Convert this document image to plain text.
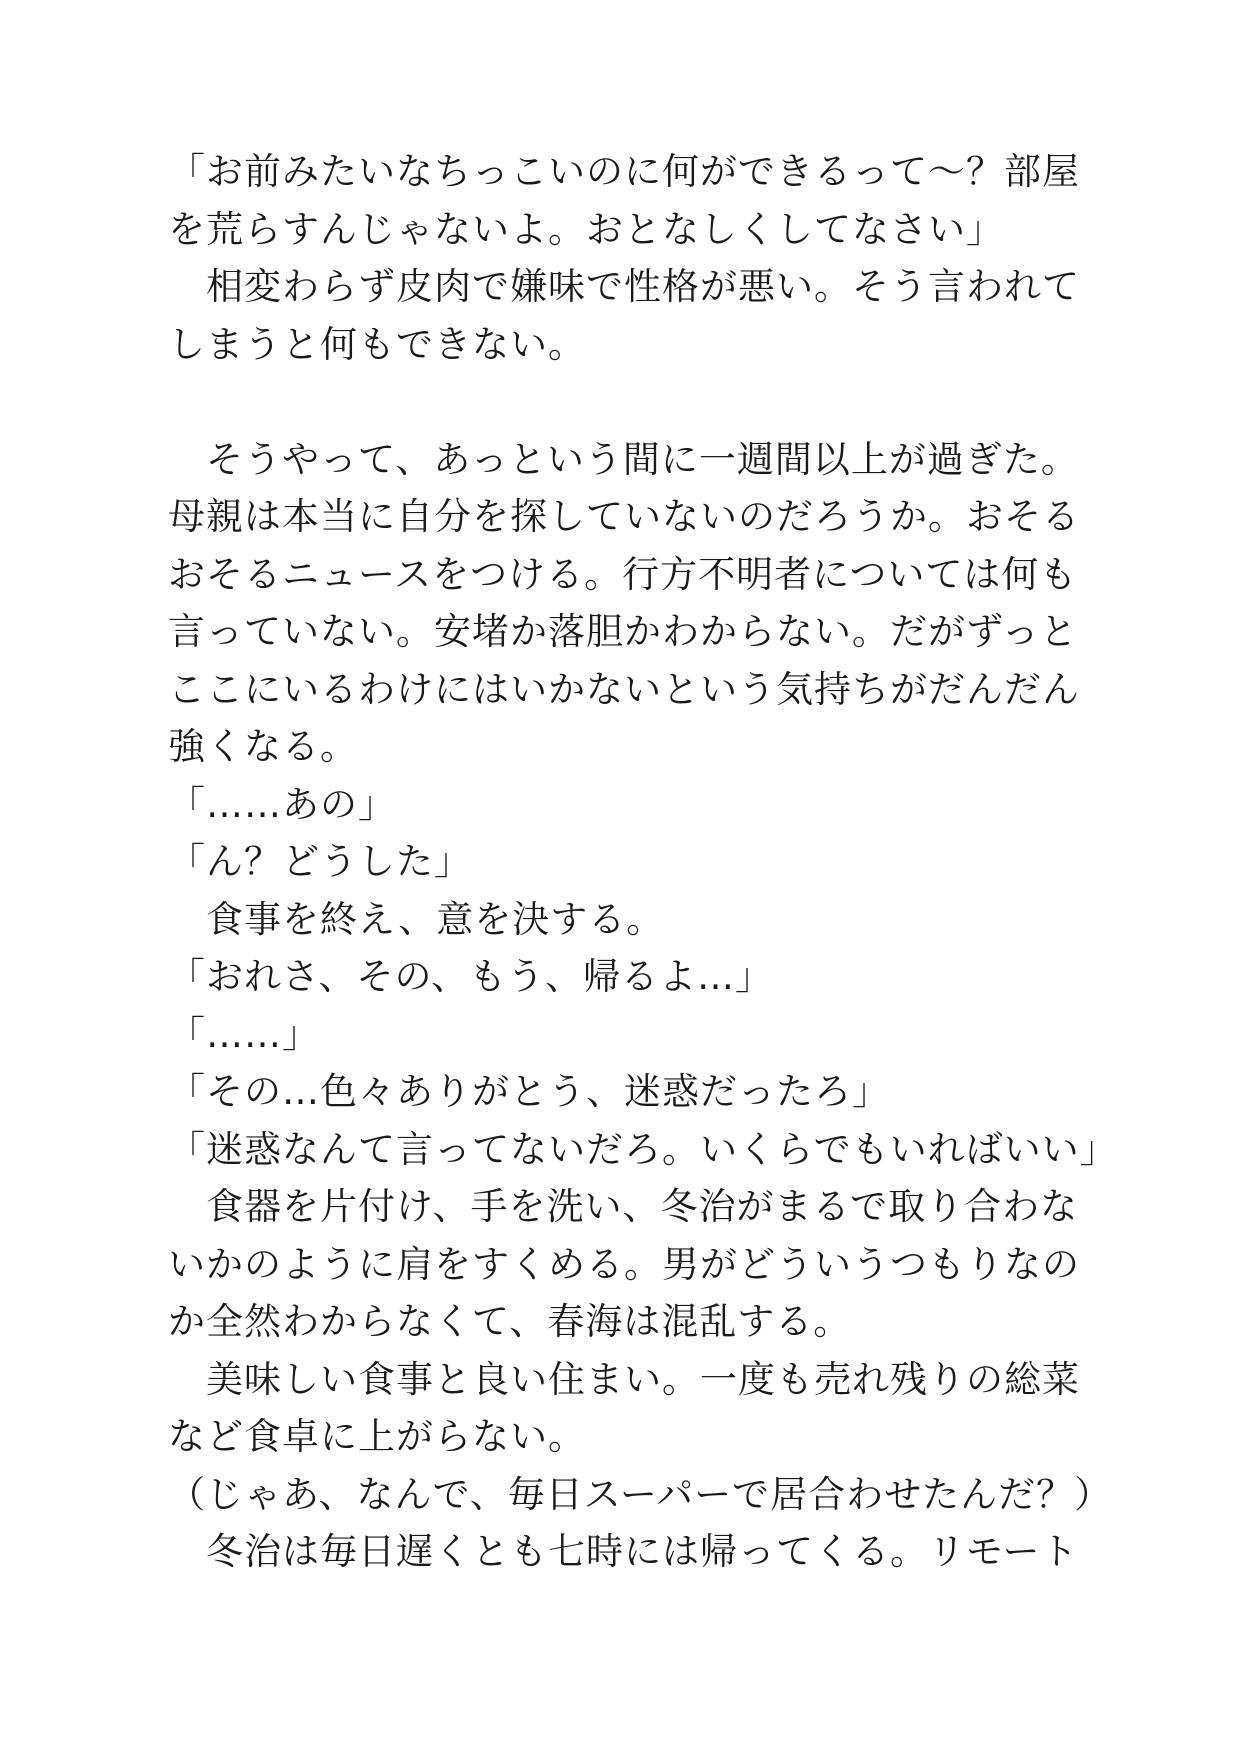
「お前みたいなちっこいのに何ができるって〜？部屋
を荒らすんじゃないよ。おとなしくしてなさい」
　相変わらず皮肉で嫌味で性格が悪い。そう言われて
しまうと何もできない。
　そうやって、あっという間に一週間以上が過ぎた。
母親は本当に自分を探していないのだろうか。おそる
おそるニュースをつける。行方不明者については何も
言っていない。安堵か落胆かわからない。だがずっと
ここにいるわけにはいかないという気持ちがだんだん
強くなる。
「……あの」
「ん？どうした」
　食事を終え、意を決する。
「おれさ、その、もう、帰るよ…」
「……」
「その…色々ありがとう、迷惑だったろ」
「迷惑なんて言ってないだろ。いくらでもいればいい」
　食器を片付け、手を洗い、冬治がまるで取り合わな
いかのように肩をすくめる。男がどういうつもりなの
か全然わからなくて、春海は混乱する。
　美味しい食事と良い住まい。一度も売れ残りの総菜
など食卓に上がらない。
（じゃあ、なんで、毎日スーパーで居合わせたんだ？）
　冬治は毎日遅くとも七時には帰ってくる。リモート
